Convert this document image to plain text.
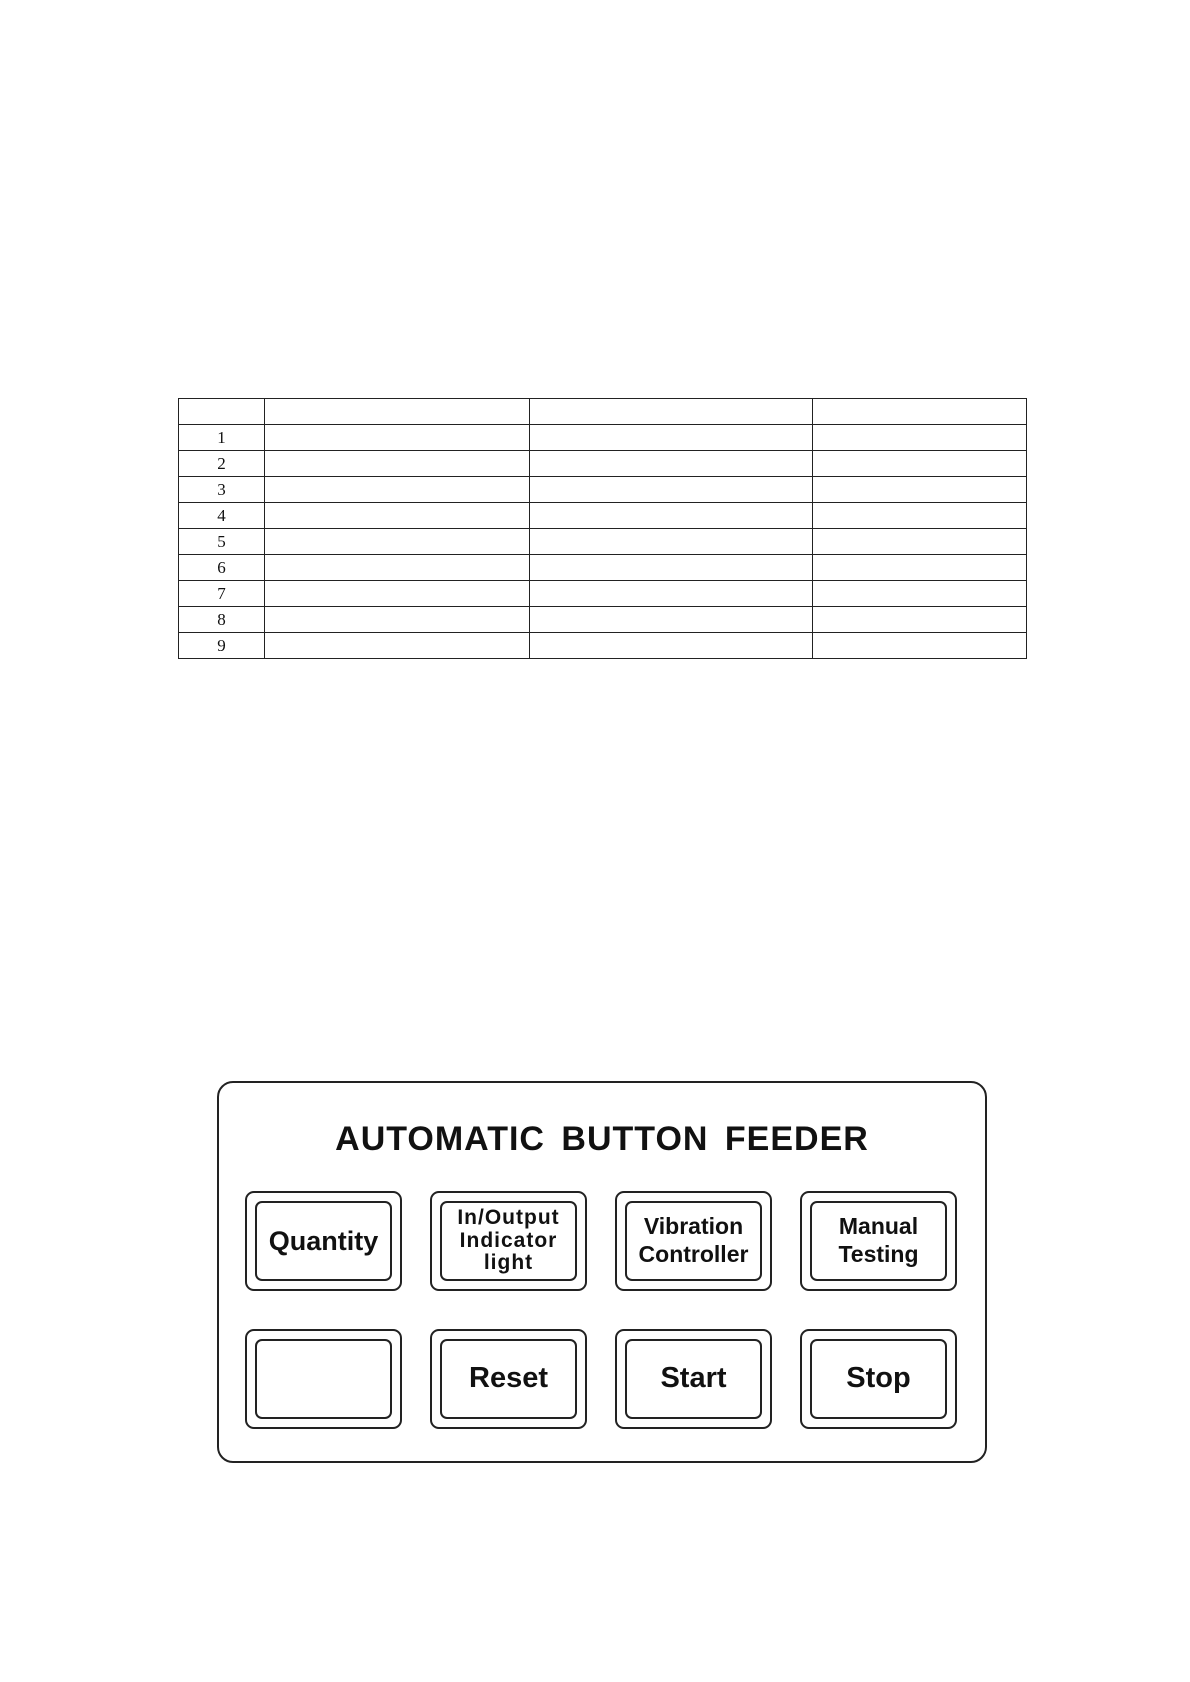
1			
2			
3			
4			
5			
6			
7			
8			
9			
AUTOMATIC BUTTON FEEDER
Quantity
In/Output
Indicator
light
Vibration
Controller
Manual
Testing
Reset	Start	Stop
